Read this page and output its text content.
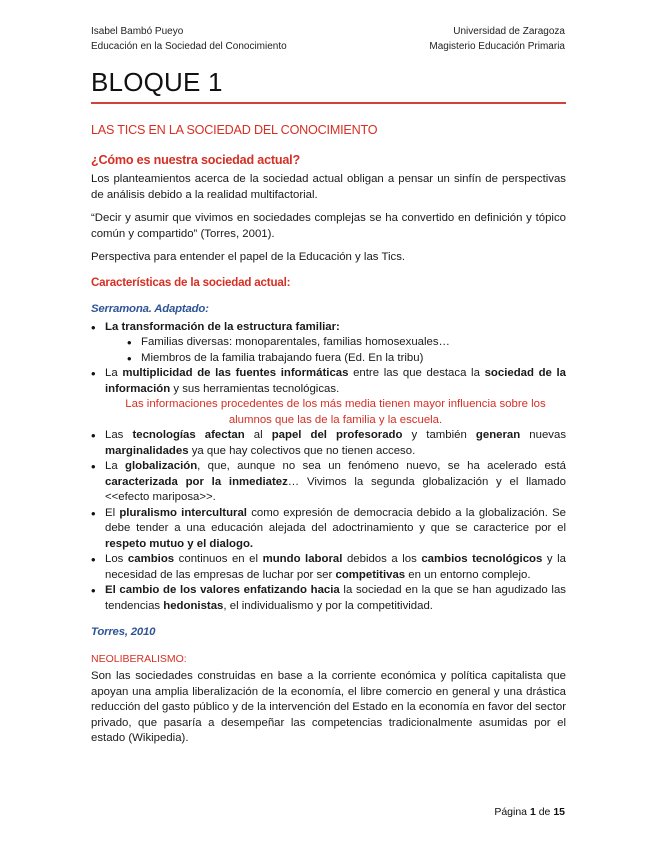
Isabel Bambó Pueyo
Educación en la Sociedad del Conocimiento
Universidad de Zaragoza
Magisterio Educación Primaria
BLOQUE 1
LAS TICS EN LA SOCIEDAD DEL CONOCIMIENTO
¿Cómo es nuestra sociedad actual?

Los planteamientos acerca de la sociedad actual obligan a pensar un sinfín de perspectivas de análisis debido a la realidad multifactorial.

“Decir y asumir que vivimos en sociedades complejas se ha convertido en definición y tópico común y compartido” (Torres, 2001).

Perspectiva para entender el papel de la Educación y las Tics.

Características de la sociedad actual:
Serramona. Adaptado:
• La transformación de la estructura familiar:
• Familias diversas: monoparentales, familias homosexuales…
• Miembros de la familia trabajando fuera (Ed. En la tribu)
• La multiplicidad de las fuentes informáticas entre las que destaca la sociedad de la información y sus herramientas tecnológicas.
Las informaciones procedentes de los más media tienen mayor influencia sobre los alumnos que las de la familia y la escuela.
• Las tecnologías afectan al papel del profesorado y también generan nuevas marginalidades ya que hay colectivos que no tienen acceso.
• La globalización, que, aunque no sea un fenómeno nuevo, se ha acelerado está caracterizada por la inmediatez… Vivimos la segunda globalización y el llamado <<efecto mariposa>>.
• El pluralismo intercultural como expresión de democracia debido a la globalización. Se debe tender a una educación alejada del adoctrinamiento y que se caracterice por el respeto mutuo y el dialogo.
• Los cambios continuos en el mundo laboral debidos a los cambios tecnológicos y la necesidad de las empresas de luchar por ser competitivas en un entorno complejo.
• El cambio de los valores enfatizando hacia la sociedad en la que se han agudizado las tendencias hedonistas, el individualismo y por la competitividad.
Torres, 2010
NEOLIBERALISMO:

Son las sociedades construidas en base a la corriente económica y política capitalista que apoyan una amplia liberalización de la economía, el libre comercio en general y una drástica reducción del gasto público y de la intervención del Estado en la economía en favor del sector privado, que pasaría a desempeñar las competencias tradicionalmente asumidas por el estado (Wikipedia).

Página 1 de 15
